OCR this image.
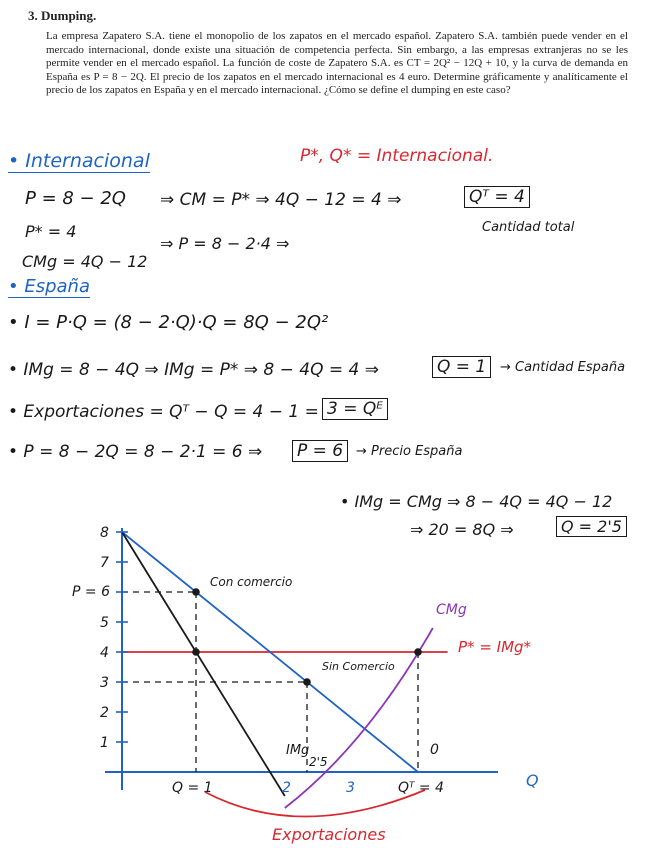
3. Dumping.

La empresa Zapatero S.A. tiene el monopolio de los zapatos en el mercado español. Zapatero S.A. también puede vender en el mercado internacional, donde existe una situación de competencia perfecta. Sin embargo, a las empresas extranjeras no se les permite vender en el mercado español. La función de coste de Zapatero S.A. es CT = 2Q² − 12Q + 10, y la curva de demanda en España es P = 8 − 2Q. El precio de los zapatos en el mercado internacional es 4 euro. Determine gráficamente y analíticamente el precio de los zapatos en España y en el mercado internacional. ¿Cómo se define el dumping en este caso?

• Internacional	P*, Q* = Internacional.
P = 8 − 2Q ⇒ CM = P* ⇒ 4Q − 12 = 4 ⇒	Qᵀ = 4
Cantidad total
P* = 4
⇒ P = 8 − 2·4 ⇒
CMg = 4Q − 12
• España
• I = P·Q = (8 − 2·Q)·Q = 8Q − 2Q²
• IMg = 8 − 4Q ⇒ IMg = P* ⇒ 8 − 4Q = 4 ⇒	Q = 1	→ Cantidad España
• Exportaciones = Qᵀ − Q = 4 − 1 = 3 = Qᴱ
• P = 8 − 2Q = 8 − 2·1 = 6 ⇒ P = 6 → Precio España
• IMg = CMg ⇒ 8 − 4Q = 4Q − 12
⇒ 20 = 8Q ⇒	Q = 2'5
Q
P* = IMg*
IMg
CMg
Con comercio
Sin Comercio
1
2
3
4
5
7
8
P = 6
Q = 1	2
2'5
3	Qᵀ = 4
0
Exportaciones
